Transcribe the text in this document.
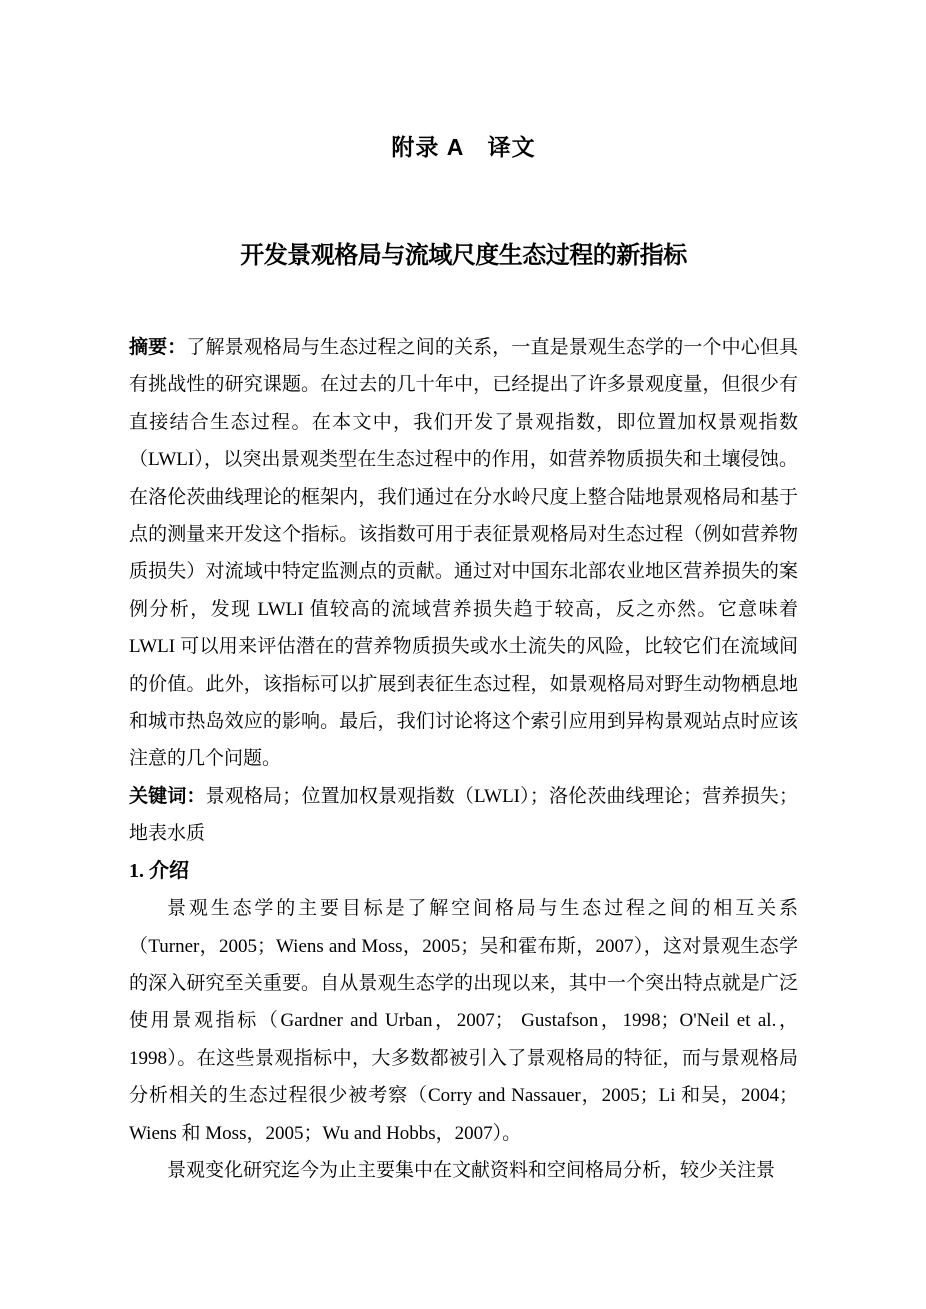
附录 A　译文
开发景观格局与流域尺度生态过程的新指标

摘要：了解景观格局与生态过程之间的关系，一直是景观生态学的一个中心但具有挑战性的研究课题。在过去的几十年中，已经提出了许多景观度量，但很少有直接结合生态过程。在本文中，我们开发了景观指数，即位置加权景观指数（LWLI），以突出景观类型在生态过程中的作用，如营养物质损失和土壤侵蚀。在洛伦茨曲线理论的框架内，我们通过在分水岭尺度上整合陆地景观格局和基于点的测量来开发这个指标。该指数可用于表征景观格局对生态过程（例如营养物质损失）对流域中特定监测点的贡献。通过对中国东北部农业地区营养损失的案例分析，发现 LWLI 值较高的流域营养损失趋于较高，反之亦然。它意味着 LWLI 可以用来评估潜在的营养物质损失或水土流失的风险，比较它们在流域间的价值。此外，该指标可以扩展到表征生态过程，如景观格局对野生动物栖息地和城市热岛效应的影响。最后，我们讨论将这个索引应用到异构景观站点时应该注意的几个问题。

关键词：景观格局；位置加权景观指数（LWLI）；洛伦茨曲线理论；营养损失；地表水质

1. 介绍

景观生态学的主要目标是了解空间格局与生态过程之间的相互关系（Turner，2005；Wiens and Moss，2005；吴和霍布斯，2007），这对景观生态学的深入研究至关重要。自从景观生态学的出现以来，其中一个突出特点就是广泛使用景观指标（Gardner and Urban，2007； Gustafson，1998；O'Neil et al.，1998）。在这些景观指标中，大多数都被引入了景观格局的特征，而与景观格局分析相关的生态过程很少被考察（Corry and Nassauer，2005；Li 和吴，2004； Wiens 和 Moss，2005；Wu and Hobbs，2007）。

景观变化研究迄今为止主要集中在文献资料和空间格局分析，较少关注景
